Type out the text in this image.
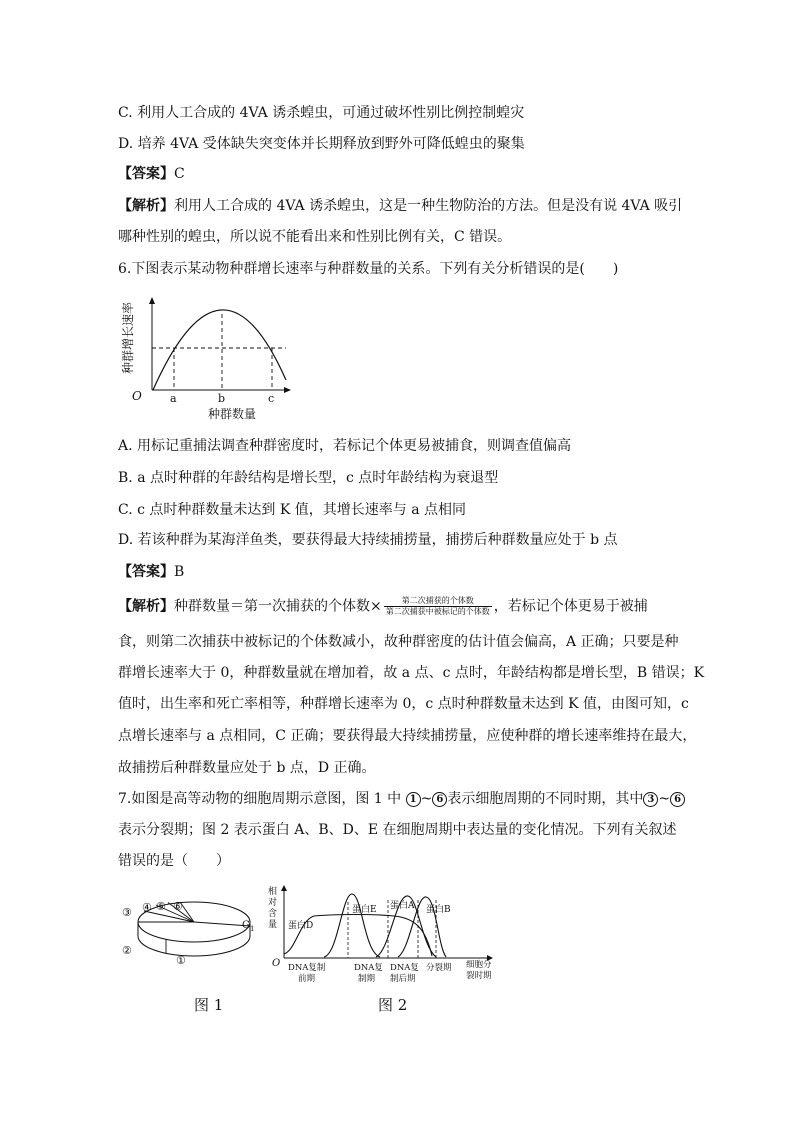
C. 利用人工合成的 4VA 诱杀蝗虫，可通过破坏性别比例控制蝗灾
D. 培养 4VA 受体缺失突变体并长期释放到野外可降低蝗虫的聚集
【答案】C
【解析】利用人工合成的 4VA 诱杀蝗虫，这是一种生物防治的方法。但是没有说 4VA 吸引
哪种性别的蝗虫，所以说不能看出来和性别比例有关，C 错误。
6.下图表示某动物种群增长速率与种群数量的关系。下列有关分析错误的是(　　)
种群增长速率
O	a	b	c
种群数量
A. 用标记重捕法调查种群密度时，若标记个体更易被捕食，则调查值偏高
B. a 点时种群的年龄结构是增长型，c 点时年龄结构为衰退型
C. c 点时种群数量未达到 K 值，其增长速率与 a 点相同
D. 若该种群为某海洋鱼类，要获得最大持续捕捞量，捕捞后种群数量应处于 b 点
【答案】B
【解析】种群数量＝第一次捕获的个体数× $\frac{\text{第二次捕获的个体数}}{\text{第二次捕获中被标记的个体数}}$ ，若标记个体更易于被捕
食，则第二次捕获中被标记的个体数减小，故种群密度的估计值会偏高，A 正确；只要是种
群增长速率大于 0，种群数量就在增加着，故 a 点、c 点时，年龄结构都是增长型，B 错误；K
值时，出生率和死亡率相等，种群增长速率为 0，c 点时种群数量未达到 K 值，由图可知，c
点增长速率与 a 点相同，C 正确；要获得最大持续捕捞量，应使种群的增长速率维持在最大，
故捕捞后种群数量应处于 b 点，D 正确。
7.如图是高等动物的细胞周期示意图，图 1 中 1 ~ 6 表示细胞周期的不同时期，其中 3 ~ 6
表示分裂期；图 2 表示蛋白 A、B、D、E 在细胞周期中表达量的变化情况。下列有关叙述
错误的是（　　）
③ ④ ⑤ ⑥
$G_1$
②
①
图 1
相
对
含
量
O
蛋白D
蛋白E 蛋白A 蛋白B
DNA复制
前期
DNA复
制期
DNA复
制后期
分裂期 细胞分
裂时期
图 2
